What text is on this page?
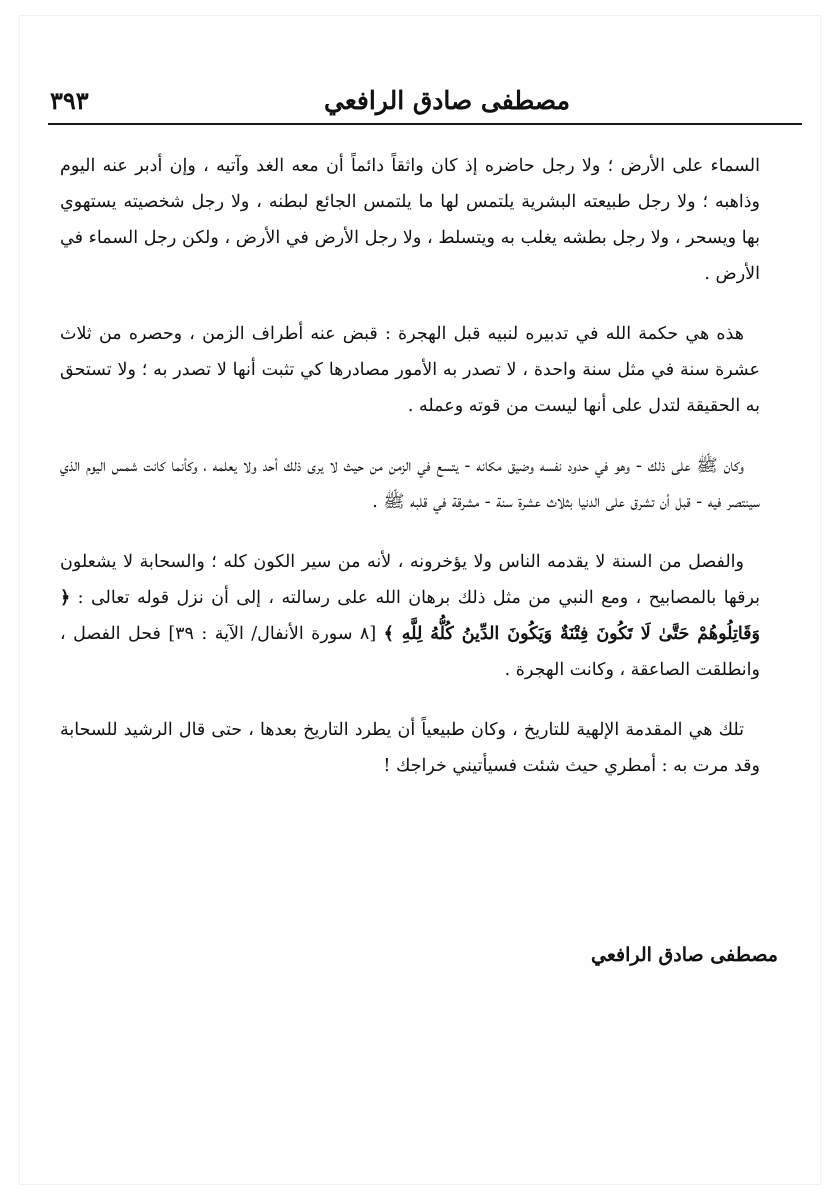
مصطفى صادق الرافعي
٣٩٣

السماء على الأرض ؛ ولا رجل حاضره إذ كان واثقاً دائماً أن معه الغد وآتيه ، وإن أدبر عنه اليوم وذاهبه ؛ ولا رجل طبيعته البشرية يلتمس لها ما يلتمس الجائع لبطنه ، ولا رجل شخصيته يستهوي بها ويسحر ، ولا رجل بطشه يغلب به ويتسلط ، ولا رجل الأرض في الأرض ، ولكن رجل السماء في الأرض .

هذه هي حكمة الله في تدبيره لنبيه قبل الهجرة : قبض عنه أطراف الزمن ، وحصره من ثلاث عشرة سنة في مثل سنة واحدة ، لا تصدر به الأمور مصادرها كي تثبت أنها لا تصدر به ؛ ولا تستحق به الحقيقة لتدل على أنها ليست من قوته وعمله .

وكان ﷺ على ذلك - وهو في حدود نفسه وضيق مكانه - يتسع في الزمن من حيث لا يرى ذلك أحد ولا يعلمه ، وكأنما كانت شمس اليوم الذي سينتصر فيه - قبل أن تشرق على الدنيا بثلاث عشرة سنة - مشرقة في قلبه ﷺ .

والفصل من السنة لا يقدمه الناس ولا يؤخرونه ، لأنه من سير الكون كله ؛ والسحابة لا يشعلون برقها بالمصابيح ، ومع النبي من مثل ذلك برهان الله على رسالته ، إلى أن نزل قوله تعالى : ﴿ وَقَاتِلُوهُمْ حَتَّىٰ لَا تَكُونَ فِتْنَةٌ وَيَكُونَ الدِّينُ كُلُّهُ لِلَّهِ ﴾ [٨ سورة الأنفال/ الآية : ٣٩] فحل الفصل ، وانطلقت الصاعقة ، وكانت الهجرة .

تلك هي المقدمة الإلهية للتاريخ ، وكان طبيعياً أن يطرد التاريخ بعدها ، حتى قال الرشيد للسحابة وقد مرت به : أمطري حيث شئت فسيأتيني خراجك !

مصطفى صادق الرافعي
